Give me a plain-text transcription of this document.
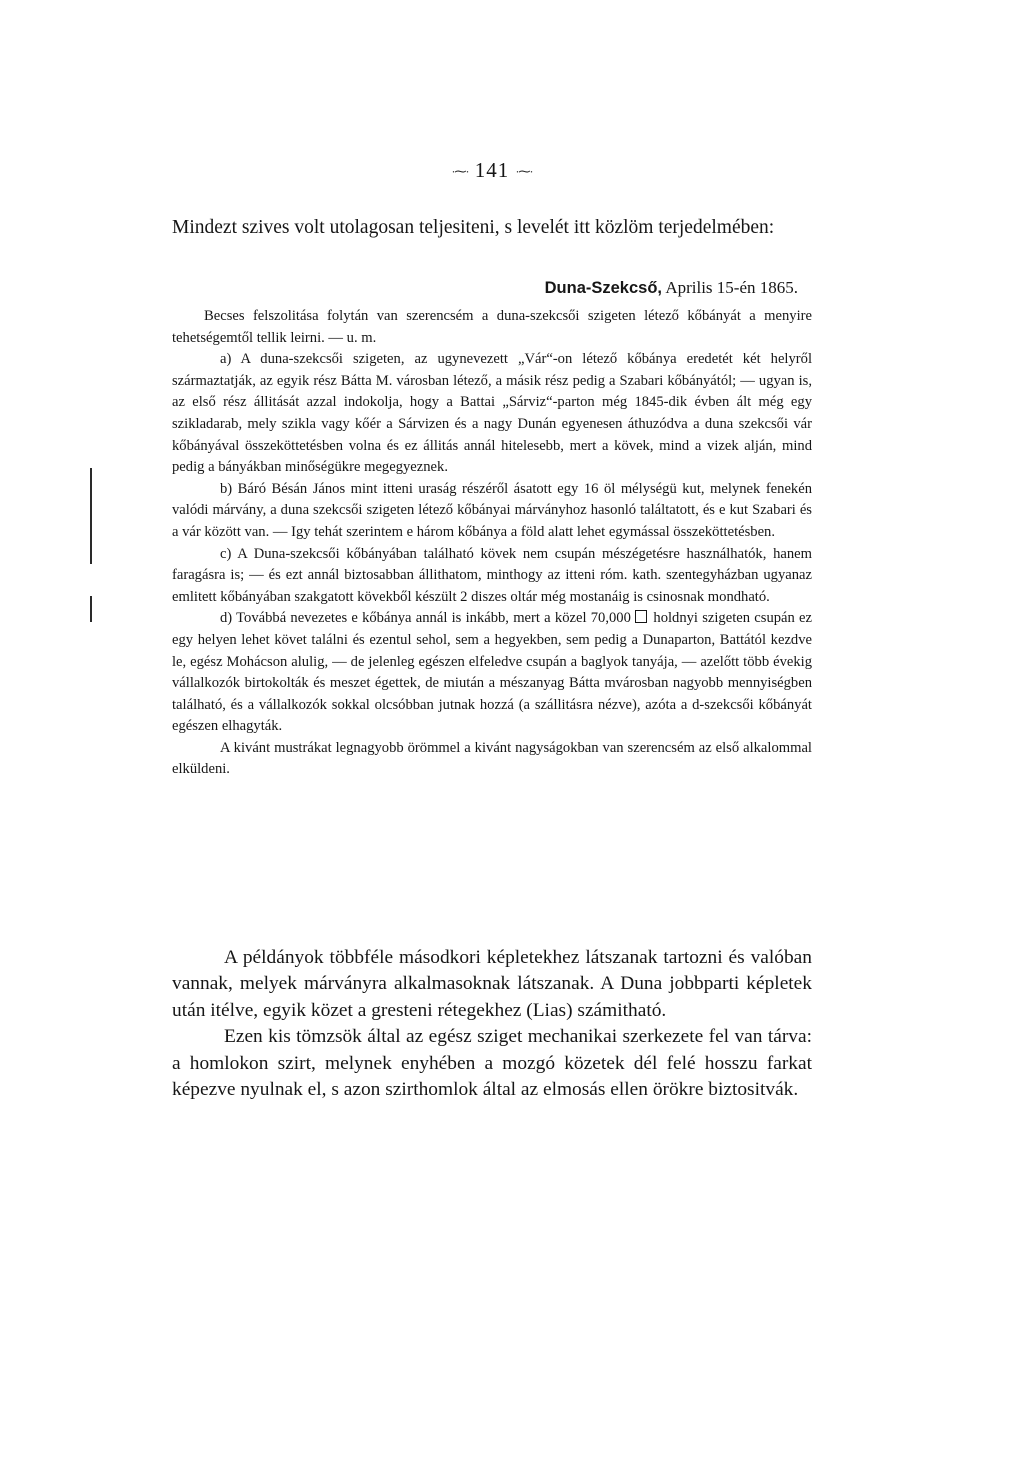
·⁓· 141 ·⁓·
Mindezt szives volt utolagosan teljesiteni, s levelét itt közlöm terjedelmében:
Duna-Szekcső, Aprilis 15-én 1865.

Becses felszolitása folytán van szerencsém a duna-szekcsői szigeten létező kőbányát a menyire tehetségemtől tellik leirni. — u. m.

a) A duna-szekcsői szigeten, az ugynevezett „Vár“-on létező kőbánya eredetét két helyről származtatják, az egyik rész Bátta M. városban létező, a másik rész pedig a Szabari kőbányától; — ugyan is, az első rész állitását azzal indokolja, hogy a Battai „Sárviz“-parton még 1845-dik évben ált még egy szikladarab, mely szikla vagy kőér a Sárvizen és a nagy Dunán egyenesen áthuzódva a duna szekcsői vár kőbányával összeköttetésben volna és ez állitás annál hitelesebb, mert a kövek, mind a vizek alján, mind pedig a bányákban minőségükre megegyeznek.

b) Báró Bésán János mint itteni uraság részéről ásatott egy 16 öl mélységü kut, melynek fenekén valódi márvány, a duna szekcsői szigeten létező kőbányai márványhoz hasonló találtatott, és e kut Szabari és a vár között van. — Igy tehát szerintem e három kőbánya a föld alatt lehet egymással összeköttetésben.

c) A Duna-szekcsői kőbányában található kövek nem csupán mészégetésre használhatók, hanem faragásra is; — és ezt annál biztosabban állithatom, minthogy az itteni róm. kath. szentegyházban ugyanaz emlitett kőbányában szakgatott kövekből készült 2 diszes oltár még mostanáig is csinosnak mondható.

d) Továbbá nevezetes e kőbánya annál is inkább, mert a közel 70,000 holdnyi szigeten csupán ez egy helyen lehet követ találni és ezentul sehol, sem a hegyekben, sem pedig a Dunaparton, Battától kezdve le, egész Mohácson alulig, — de jelenleg egészen elfeledve csupán a baglyok tanyája, — azelőtt több évekig vállalkozók birtokolták és meszet égettek, de miután a mészanyag Bátta mvárosban nagyobb mennyiségben található, és a vállalkozók sokkal olcsóbban jutnak hozzá (a szállitásra nézve), azóta a d-szekcsői kőbányát egészen elhagyták.

A kivánt mustrákat legnagyobb örömmel a kivánt nagyságokban van szerencsém az első alkalommal elküldeni.

A példányok többféle másodkori képletekhez látszanak tartozni és valóban vannak, melyek márványra alkalmasoknak látszanak. A Duna jobbparti képletek után itélve, egyik közet a gresteni rétegekhez (Lias) számitható.

Ezen kis tömzsök által az egész sziget mechanikai szerkezete fel van tárva: a homlokon szirt, melynek enyhében a mozgó közetek dél felé hosszu farkat képezve nyulnak el, s azon szirthomlok által az elmosás ellen örökre biztositvák.
